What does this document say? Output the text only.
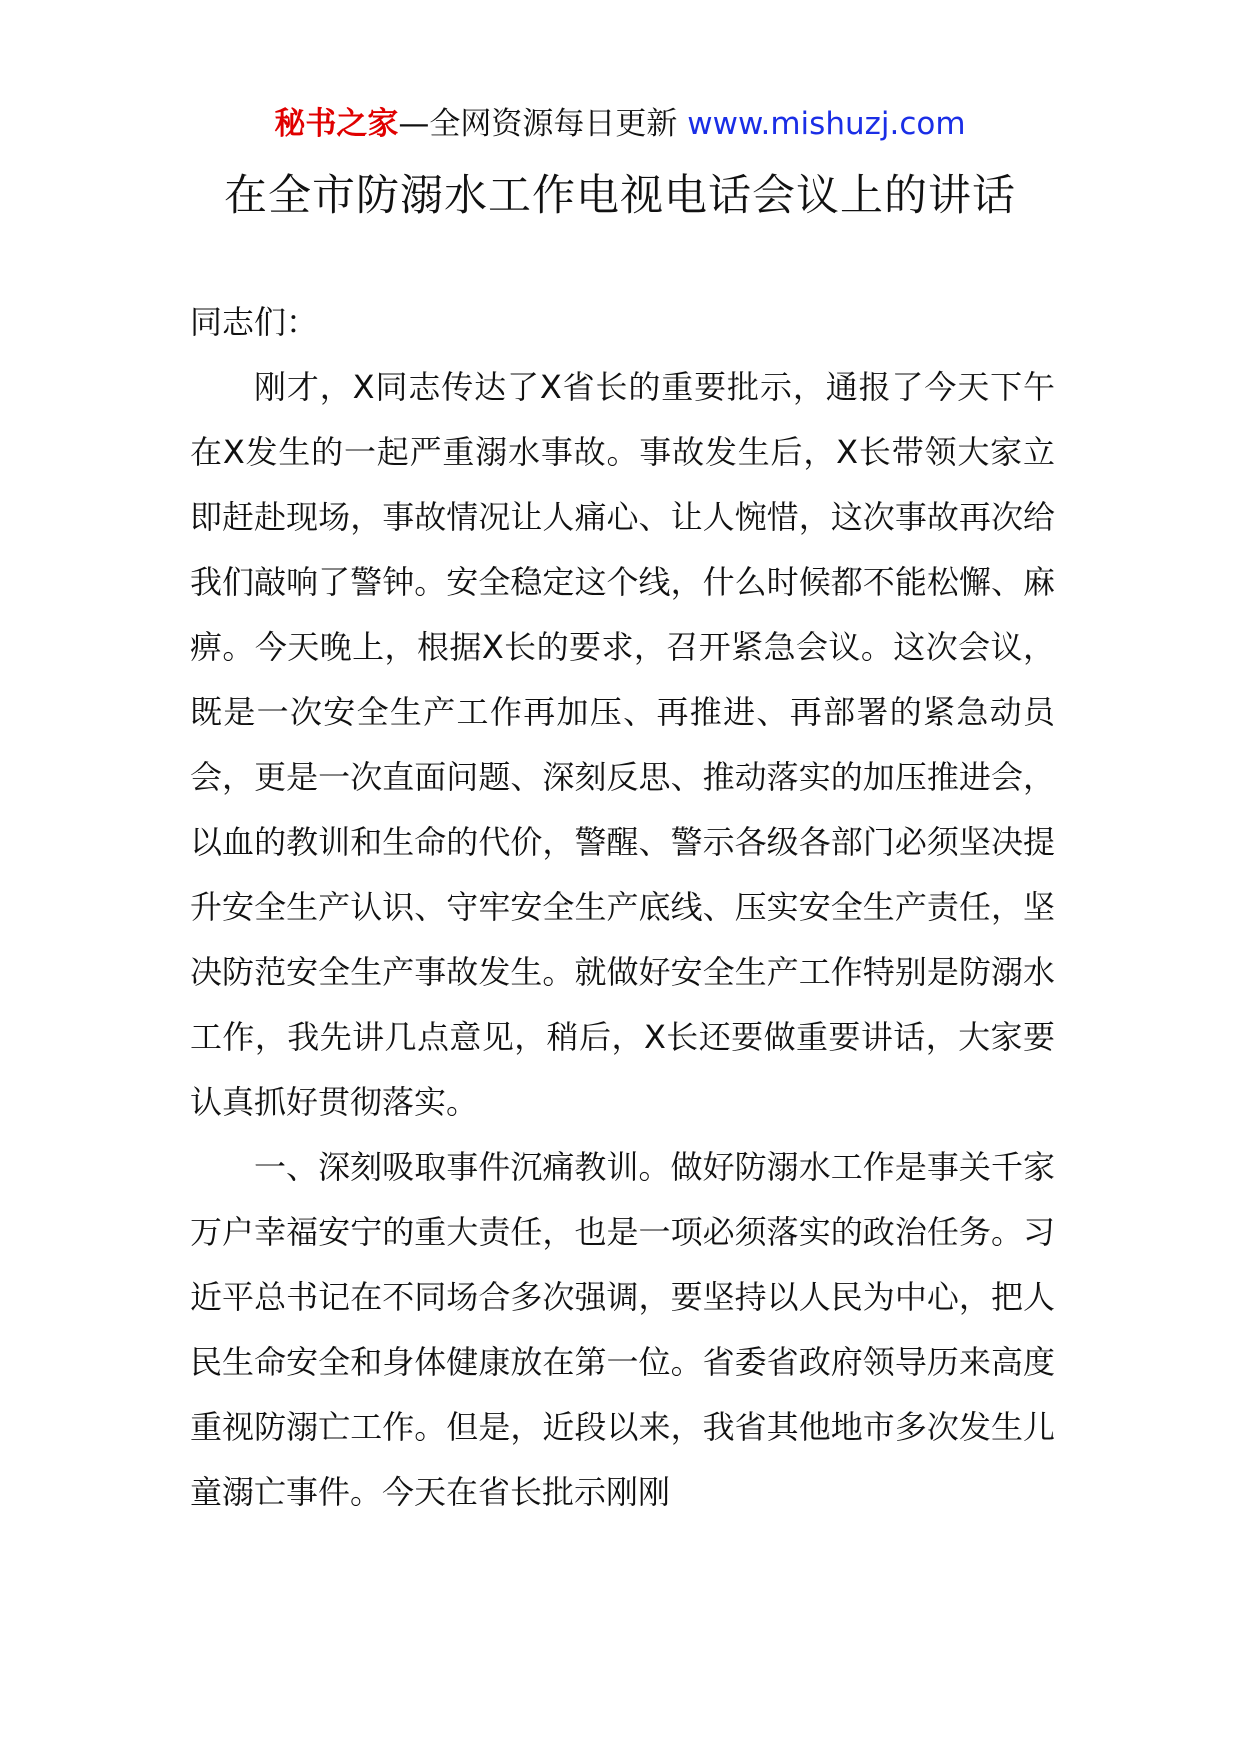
秘书之家—全网资源每日更新 www.mishuzj.com
在全市防溺水工作电视电话会议上的讲话

同志们：

刚才，X同志传达了X省长的重要批示，通报了今天下午在X发生的一起严重溺水事故。事故发生后，X长带领大家立即赶赴现场，事故情况让人痛心、让人惋惜，这次事故再次给我们敲响了警钟。安全稳定这个线，什么时候都不能松懈、麻痹。今天晚上，根据X长的要求，召开紧急会议。这次会议，既是一次安全生产工作再加压、再推进、再部署的紧急动员会，更是一次直面问题、深刻反思、推动落实的加压推进会，以血的教训和生命的代价，警醒、警示各级各部门必须坚决提升安全生产认识、守牢安全生产底线、压实安全生产责任，坚决防范安全生产事故发生。就做好安全生产工作特别是防溺水工作，我先讲几点意见，稍后，X长还要做重要讲话，大家要认真抓好贯彻落实。

一、深刻吸取事件沉痛教训。做好防溺水工作是事关千家万户幸福安宁的重大责任，也是一项必须落实的政治任务。习近平总书记在不同场合多次强调，要坚持以人民为中心，把人民生命安全和身体健康放在第一位。省委省政府领导历来高度重视防溺亡工作。但是，近段以来，我省其他地市多次发生儿童溺亡事件。今天在省长批示刚刚
